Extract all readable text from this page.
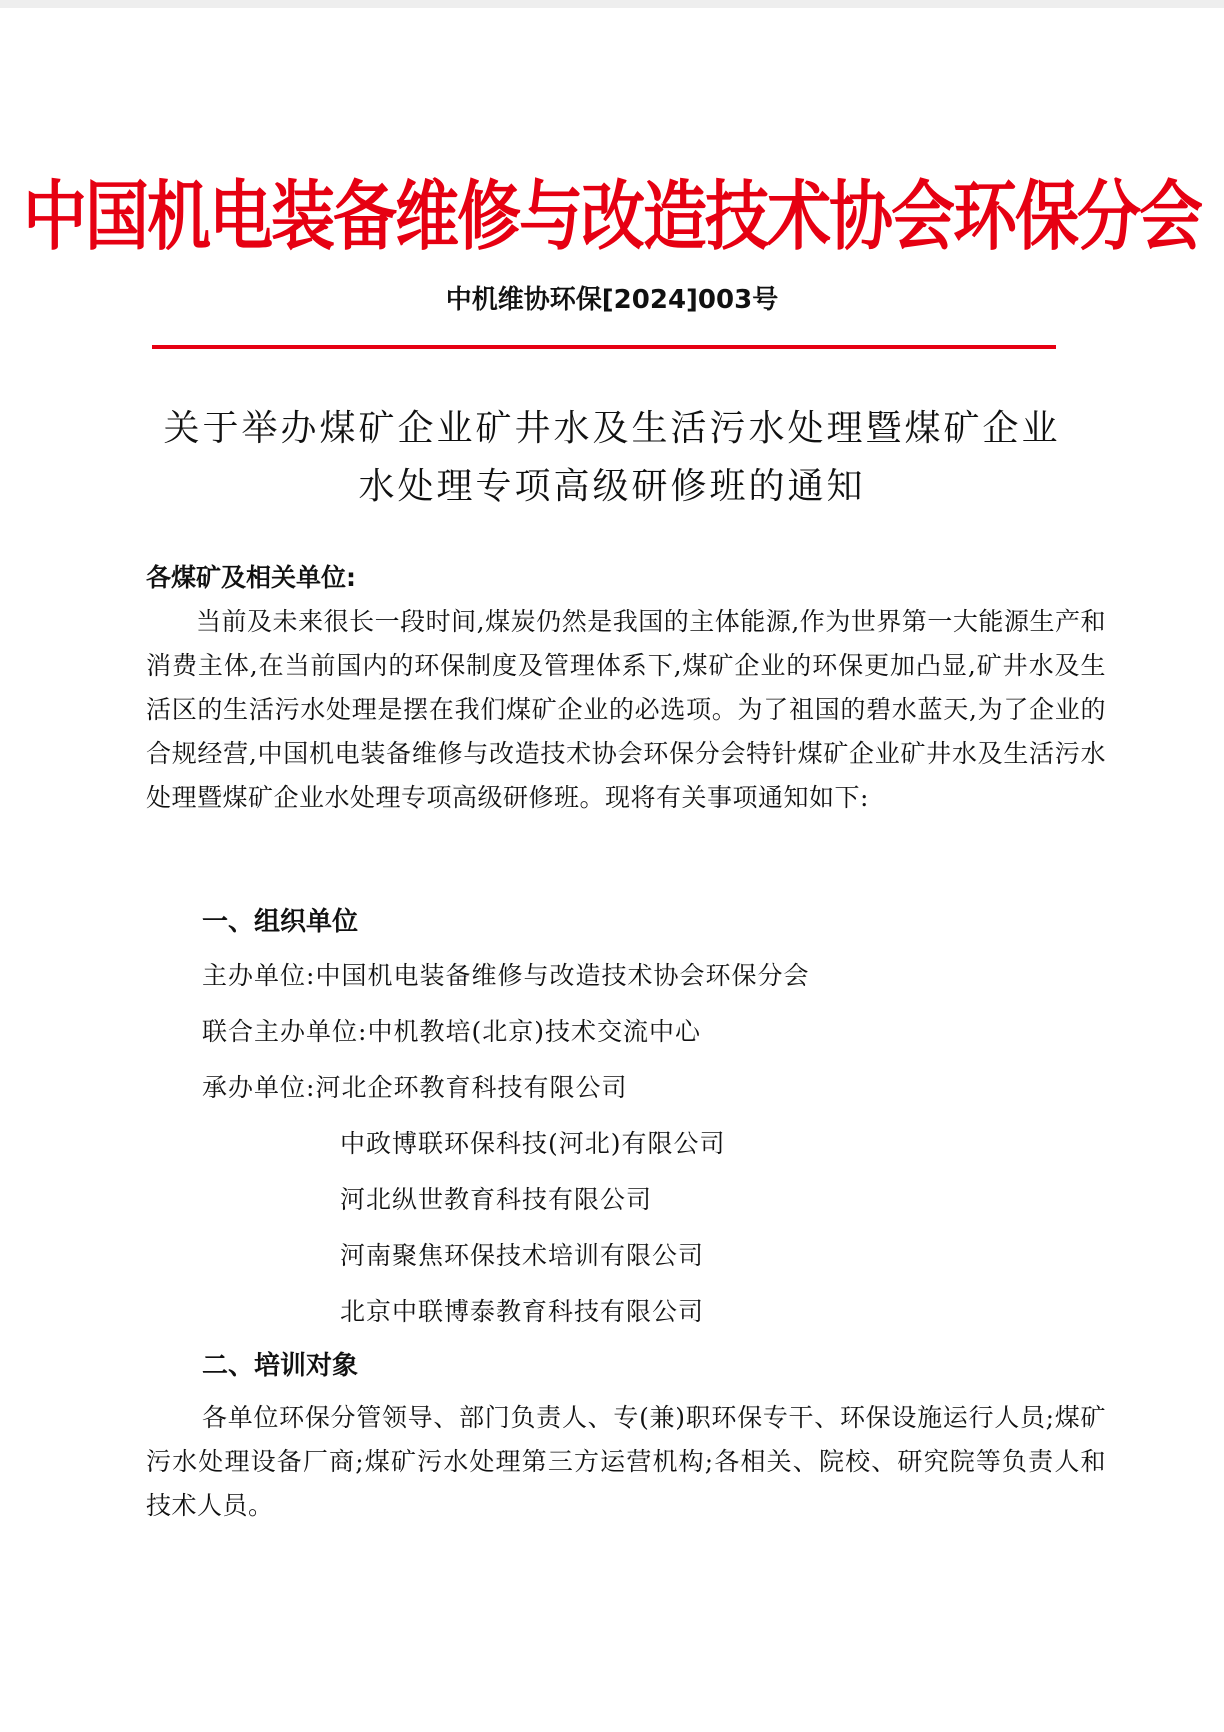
中国机电装备维修与改造技术协会环保分会
中机维协环保[2024]003号
关于举办煤矿企业矿井水及生活污水处理暨煤矿企业
水处理专项高级研修班的通知
各煤矿及相关单位:
当前及未来很长一段时间,煤炭仍然是我国的主体能源,作为世界第一大能源生产和消费主体,在当前国内的环保制度及管理体系下,煤矿企业的环保更加凸显,矿井水及生活区的生活污水处理是摆在我们煤矿企业的必选项。为了祖国的碧水蓝天,为了企业的合规经营,中国机电装备维修与改造技术协会环保分会特针煤矿企业矿井水及生活污水处理暨煤矿企业水处理专项高级研修班。现将有关事项通知如下:
一、组织单位
主办单位:中国机电装备维修与改造技术协会环保分会
联合主办单位:中机教培(北京)技术交流中心
承办单位:河北企环教育科技有限公司
中政博联环保科技(河北)有限公司
河北纵世教育科技有限公司
河南聚焦环保技术培训有限公司
北京中联博泰教育科技有限公司
二、培训对象
各单位环保分管领导、部门负责人、专(兼)职环保专干、环保设施运行人员;煤矿污水处理设备厂商;煤矿污水处理第三方运营机构;各相关、院校、研究院等负责人和技术人员。
